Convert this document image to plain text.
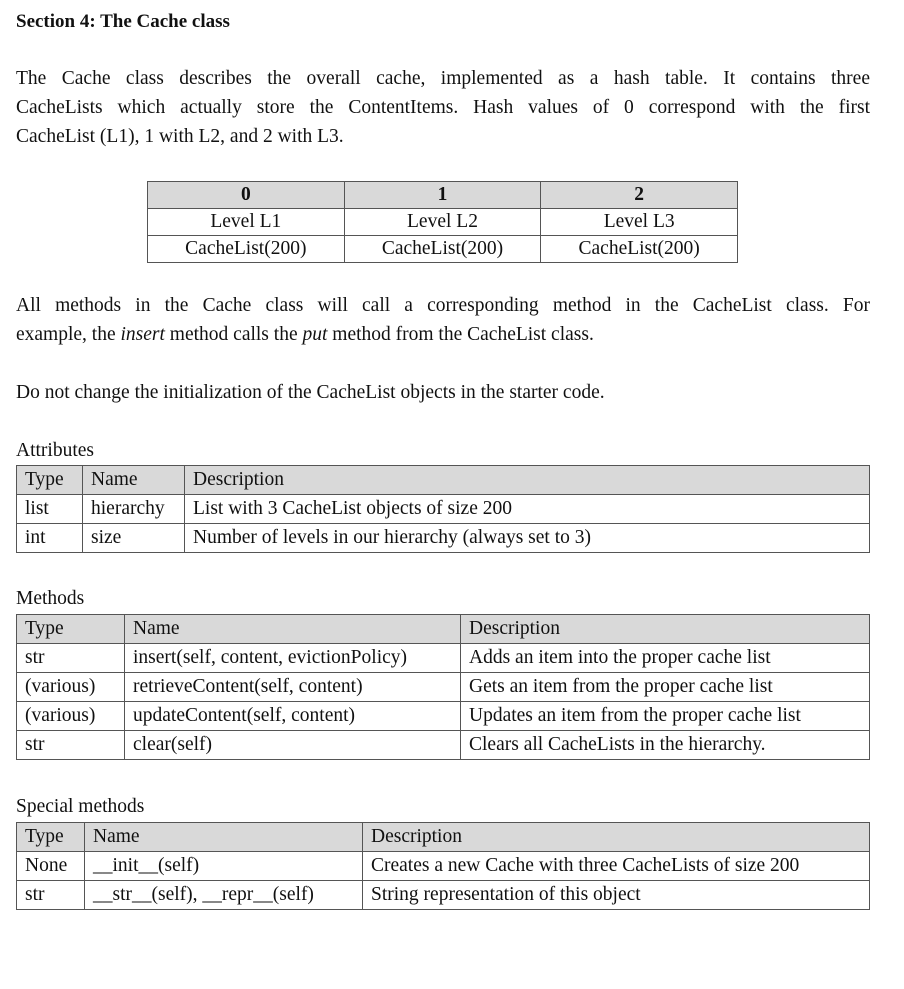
Section 4: The Cache class
The Cache class describes the overall cache, implemented as a hash table. It contains three
CacheLists which actually store the ContentItems. Hash values of 0 correspond with the first
CacheList (L1), 1 with L2, and 2 with L3.
0	1	2
Level L1	Level L2	Level L3
CacheList(200)	CacheList(200)	CacheList(200)
All methods in the Cache class will call a corresponding method in the CacheList class. For
example, the insert method calls the put method from the CacheList class.
Do not change the initialization of the CacheList objects in the starter code.
Attributes
Type	Name	Description
list	hierarchy	List with 3 CacheList objects of size 200
int	size	Number of levels in our hierarchy (always set to 3)
Methods
Type	Name	Description
str	insert(self, content, evictionPolicy)	Adds an item into the proper cache list
(various)	retrieveContent(self, content)	Gets an item from the proper cache list
(various)	updateContent(self, content)	Updates an item from the proper cache list
str	clear(self)	Clears all CacheLists in the hierarchy.
Special methods
Type	Name	Description
None	__init__(self)	Creates a new Cache with three CacheLists of size 200
str	__str__(self), __repr__(self)	String representation of this object
